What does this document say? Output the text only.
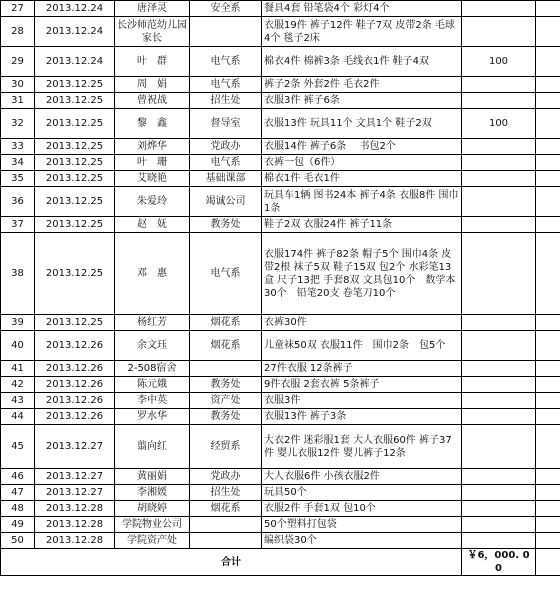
27	2013.12.24	唐泽灵	安全系	餐具4套 铅笔袋4个 彩灯4个		
28	2013.12.24	长沙师范幼儿园家长		衣服19件 裤子12件 鞋子7双 皮带2条 毛球4个 毯子2床		
29	2013.12.24	叶　群	电气系	棉衣4件 棉裤3条 毛线衣1件 鞋子4双	100	
30	2013.12.25	周　娟	电气系	裤子2条 外套2件 毛衣2件		
31	2013.12.25	曾祝战	招生处	衣服3件 裤子6条		
32	2013.12.25	黎　鑫	督导室	衣服13件 玩具11个 文具1个 鞋子2双	100	
33	2013.12.25	刘烨华	党政办	衣服14件 裤子6条　 书包2个		
34	2013.12.25	叶　珊	电气系	衣裤一包（6件）		
35	2013.12.25	艾晓艳	基础课部	棉衣1件 毛衣1件		
36	2013.12.25	朱爱玲	竭诚公司	玩具车1辆 图书24本 裤子4条 衣服8件 围巾1条		
37	2013.12.25	赵　妩	教务处	鞋子2双 衣服24件 裤子11条		
38	2013.12.25	邓　惠	电气系	衣服174件 裤子82条 帽子5个 围巾4条 皮带2根 袜子5双 鞋子15双 包2个 水彩笔13盒 尺子13把 手套8双 文具包10个　数学本30个　铅笔20支 卷笔刀10个		
39	2013.12.25	杨红芳	烟花系	衣裤30件		
40	2013.12.26	余文珏	烟花系	儿童袜50双 衣服11件　围巾2条　包5个		
41	2013.12.26	2-508宿舍		27件衣服 12条裤子		
42	2013.12.26	陈元娥	教务处	9件衣服 2套衣裤 5条裤子		
43	2013.12.26	李中英	资产处	衣服3件		
44	2013.12.26	罗水华	教务处	衣服13件 裤子3条		
45	2013.12.27	翦向红	经贸系	大衣2件 迷彩服1套 大人衣服60件 裤子37件 婴儿衣服12件 婴儿裤子12条		
46	2013.12.27	黄丽娟	党政办	大人衣服6件 小孩衣服2件		
47	2013.12.27	李湘媛	招生处	玩具50个		
48	2013.12.28	胡晓婷	烟花系	衣服2件 手套1双 包10个		
49	2013.12.28	学院物业公司		50个塑料打包袋		
50	2013.12.28	学院资产处		编织袋30个		
合计					￥6，000. 00	
